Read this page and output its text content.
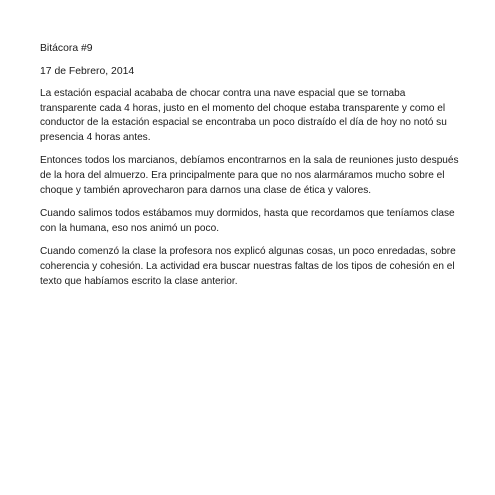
Bitácora #9
17 de Febrero, 2014
La estación espacial acababa de chocar contra una nave espacial que se tornaba transparente cada 4 horas, justo en el momento del choque estaba transparente y como el conductor de la estación espacial se encontraba un poco distraído el día de hoy no notó su presencia 4 horas antes.
Entonces todos los marcianos, debíamos encontrarnos en la sala de reuniones justo después de la hora del almuerzo. Era principalmente para que no nos alarmáramos mucho sobre el choque y también aprovecharon para darnos una clase de ética y valores.
Cuando salimos todos estábamos muy dormidos, hasta que recordamos que teníamos clase con la humana, eso nos animó un poco.
Cuando comenzó la clase la profesora nos explicó algunas cosas, un poco enredadas, sobre coherencia y cohesión. La actividad era buscar nuestras faltas de los tipos de cohesión en el texto que habíamos escrito la clase anterior.
